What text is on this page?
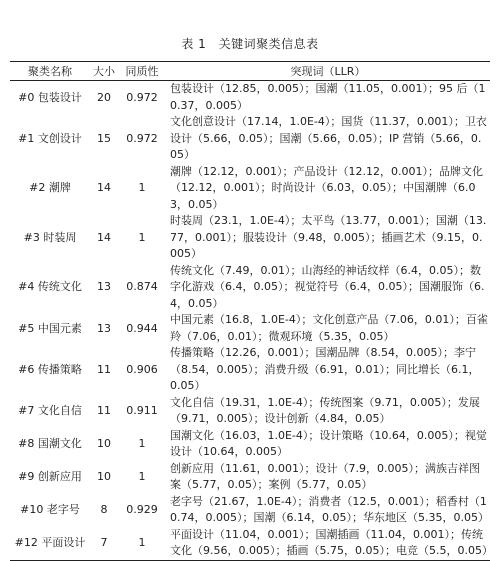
表 1 关键词聚类信息表
聚类名称	大小	同质性	突现词（LLR）
#0 包装设计	20	0.972	包装设计（12.85，0.005）；国潮（11.05，0.001）；95 后（10.37，0.005）
#1 文创设计	15	0.972	文化创意设计（17.14，1.0E-4）；国货（11.37，0.001）；卫衣设计（5.66，0.05）；国潮（5.66，0.05）；IP 营销（5.66，0.05）
#2 潮牌	14	1	潮牌（12.12，0.001）；产品设计（12.12，0.001）；品牌文化（12.12，0.001）；时尚设计（6.03，0.05）；中国潮牌（6.03，0.05）
#3 时装周	14	1	时装周（23.1，1.0E-4）；太平鸟（13.77，0.001）；国潮（13.77，0.001）；服装设计（9.48，0.005）；插画艺术（9.15，0.005）
#4 传统文化	13	0.874	传统文化（7.49，0.01）；山海经的神话纹样（6.4，0.05）；数字化游戏（6.4，0.05）；视觉符号（6.4，0.05）；国潮服饰（6.4，0.05）
#5 中国元素	13	0.944	中国元素（16.8，1.0E-4）；文化创意产品（7.06，0.01）；百雀羚（7.06，0.01）；微观环境（5.35，0.05）
#6 传播策略	11	0.906	传播策略（12.26，0.001）；国潮品牌（8.54，0.005）；李宁（8.54，0.005）；消费升级（6.91，0.01）；同比增长（6.1，0.05）
#7 文化自信	11	0.911	文化自信（19.31，1.0E-4）；传统图案（9.71，0.005）；发展（9.71，0.005）；设计创新（4.84，0.05）
#8 国潮文化	10	1	国潮文化（16.03，1.0E-4）；设计策略（10.64，0.005）；视觉设计（10.64，0.005）
#9 创新应用	10	1	创新应用（11.61，0.001）；设计（7.9，0.005）；满族吉祥图案（5.77，0.05）；案例（5.77，0.05）
#10 老字号	8	0.929	老字号（21.67，1.0E-4）；消费者（12.5，0.001）；稻香村（10.74，0.005）；国潮（6.14，0.05）；华东地区（5.35，0.05）
#12 平面设计	7	1	平面设计（11.04，0.001）；国潮插画（11.04，0.001）；传统文化（9.56，0.005）；插画（5.75，0.05）；电竞（5.5，0.05）
